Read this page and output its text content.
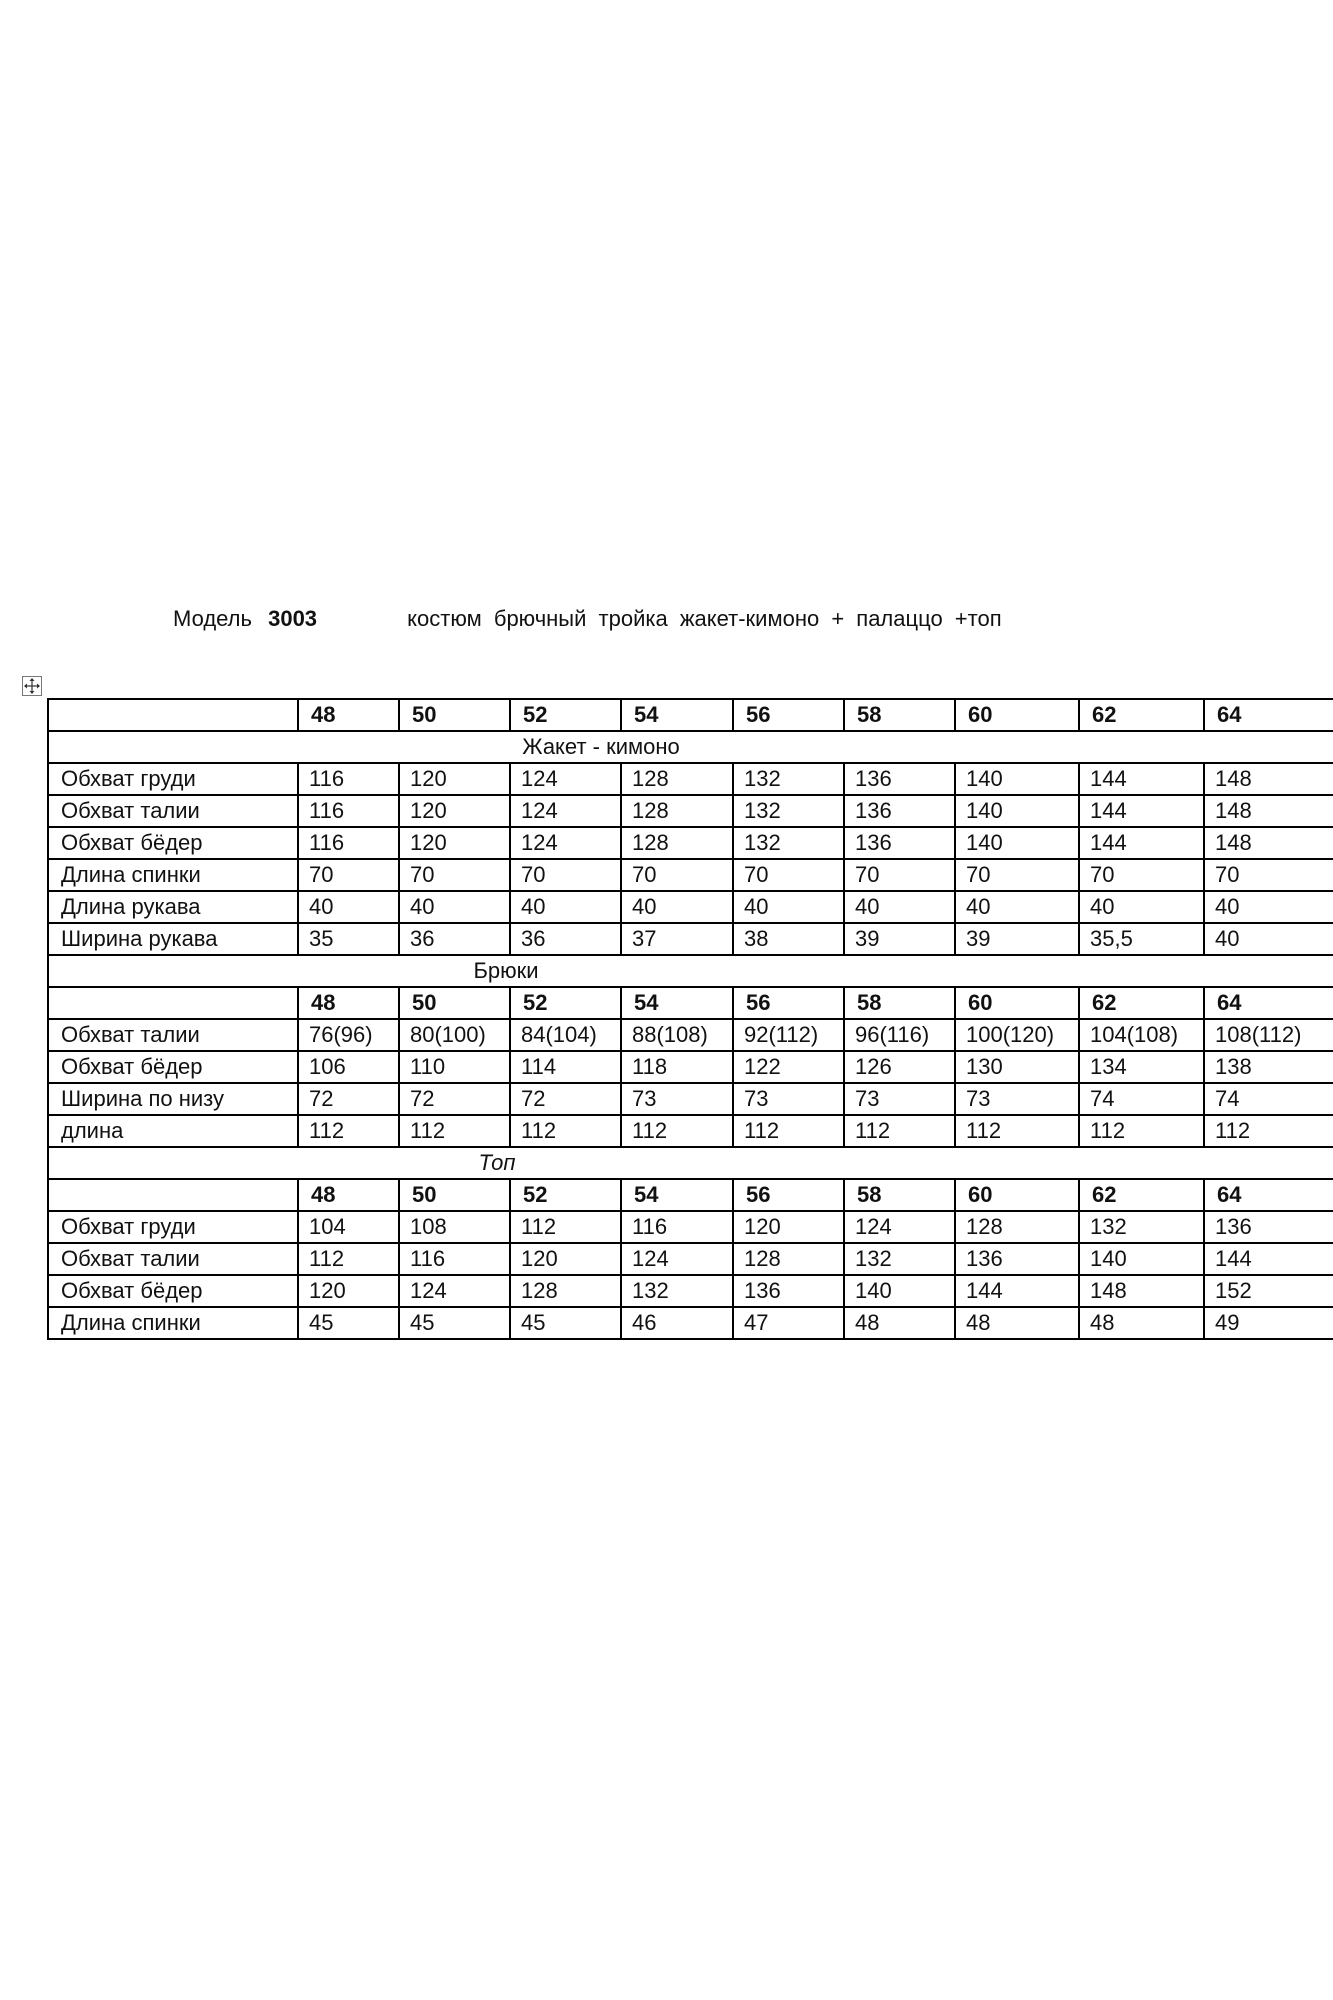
Модель 3003	костюм брючный тройка жакет-кимоно + палаццо +топ
	48	50	52	54	56	58	60	62	64
Жакет - кимоно									
Обхват груди	116	120	124	128	132	136	140	144	148
Обхват талии	116	120	124	128	132	136	140	144	148
Обхват бёдер	116	120	124	128	132	136	140	144	148
Длина спинки	70	70	70	70	70	70	70	70	70
Длина рукава	40	40	40	40	40	40	40	40	40
Ширина рукава	35	36	36	37	38	39	39	35,5	40
Брюки									
	48	50	52	54	56	58	60	62	64
Обхват талии	76(96)	80(100)	84(104)	88(108)	92(112)	96(116)	100(120)	104(108)	108(112)
Обхват бёдер	106	110	114	118	122	126	130	134	138
Ширина по низу	72	72	72	73	73	73	73	74	74
длина	112	112	112	112	112	112	112	112	112
Топ									
	48	50	52	54	56	58	60	62	64
Обхват груди	104	108	112	116	120	124	128	132	136
Обхват талии	112	116	120	124	128	132	136	140	144
Обхват бёдер	120	124	128	132	136	140	144	148	152
Длина спинки	45	45	45	46	47	48	48	48	49
